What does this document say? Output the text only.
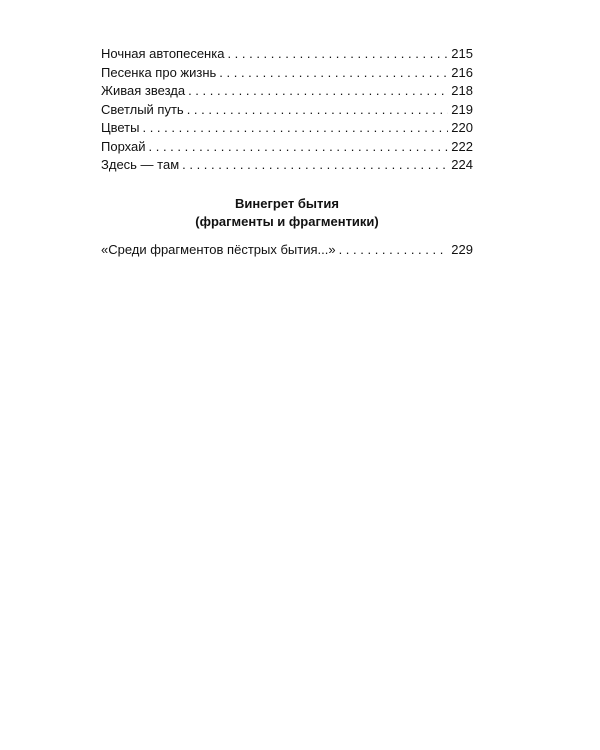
Ночная автопесенка . . .	215
Песенка про жизнь . . .	216
Живая звезда . . .	218
Светлый путь . . .	219
Цветы . . .	220
Порхай . . .	222
Здесь — там . . .	224
Винегрет бытия
(фрагменты и фрагментики)
«Среди фрагментов пёстрых бытия...» . . .	229
